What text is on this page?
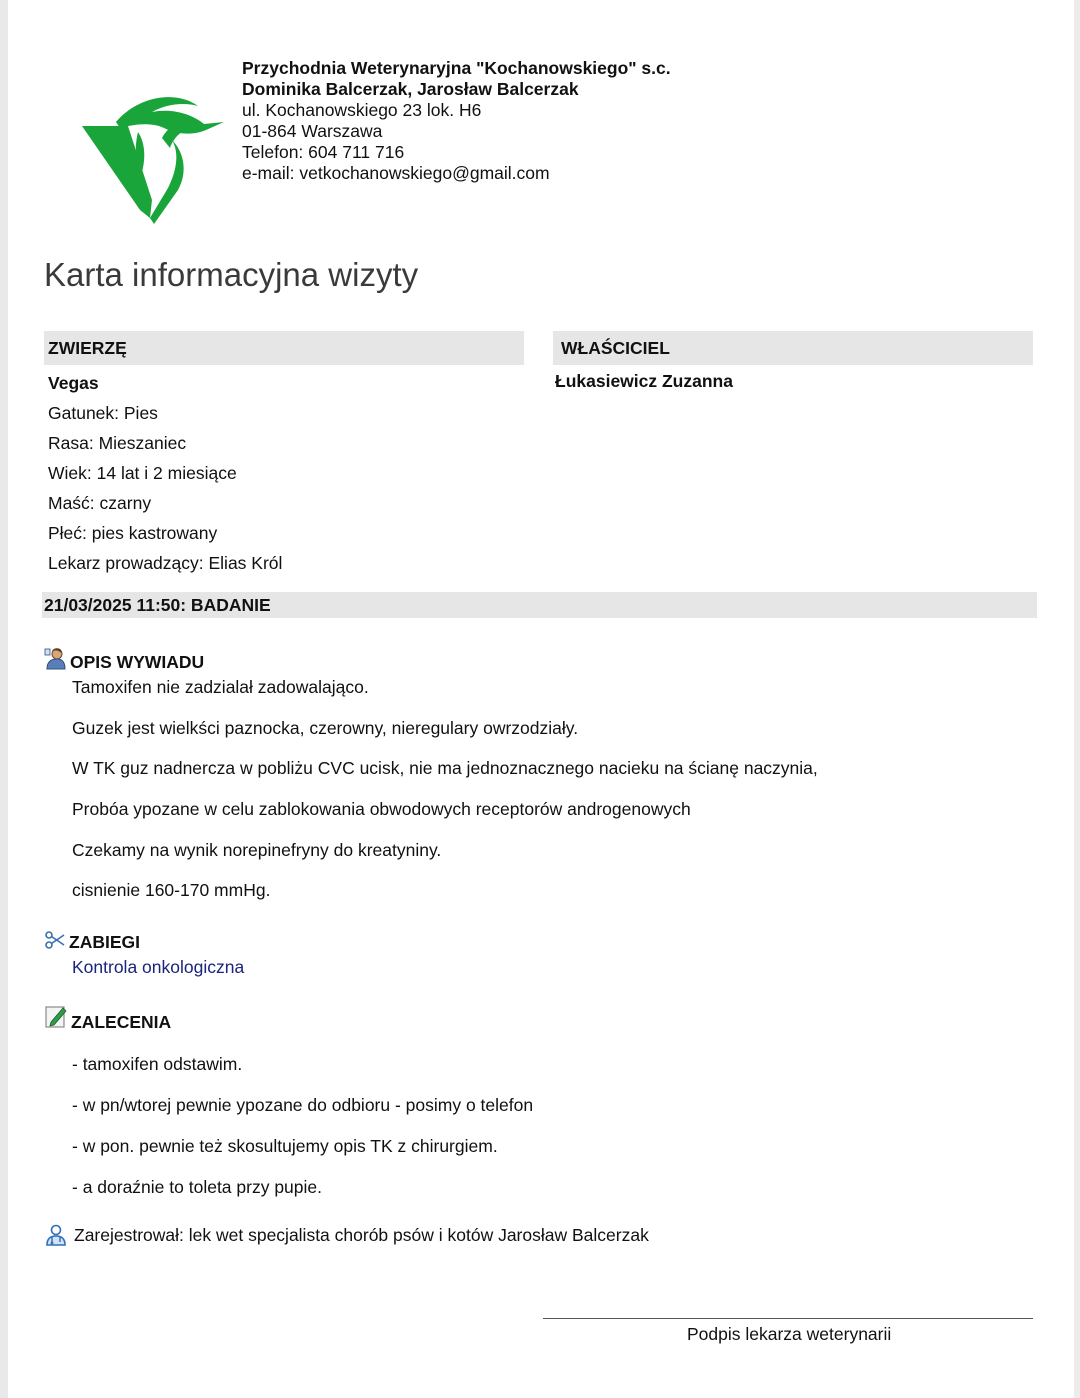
Przychodnia Weterynaryjna "Kochanowskiego" s.c.
Dominika Balcerzak, Jarosław Balcerzak
ul. Kochanowskiego 23 lok. H6
01-864 Warszawa
Telefon: 604 711 716
e-mail: vetkochanowskiego@gmail.com
Karta informacyjna wizyty
ZWIERZĘ	WŁAŚCICIEL
Vegas
Gatunek: Pies
Rasa: Mieszaniec
Wiek: 14 lat i 2 miesiące
Maść: czarny
Płeć: pies kastrowany
Lekarz prowadzący: Elias Król
Łukasiewicz Zuzanna
21/03/2025 11:50: BADANIE
OPIS WYWIADU
Tamoxifen nie zadzialał zadowalająco.
Guzek jest wielkści paznocka, czerowny, nieregulary owrzodziały.
W TK guz nadnercza w pobliżu CVC ucisk, nie ma jednoznacznego nacieku na ścianę naczynia,
Probóa ypozane w celu zablokowania obwodowych receptorów androgenowych
Czekamy na wynik norepinefryny do kreatyniny.
cisnienie 160-170 mmHg.
ZABIEGI
Kontrola onkologiczna
ZALECENIA
- tamoxifen odstawim.
- w pn/wtorej pewnie ypozane do odbioru - posimy o telefon
- w pon. pewnie też skosultujemy opis TK z chirurgiem.
- a doraźnie to toleta przy pupie.
Zarejestrował: lek wet specjalista chorób psów i kotów Jarosław Balcerzak
Podpis lekarza weterynarii
